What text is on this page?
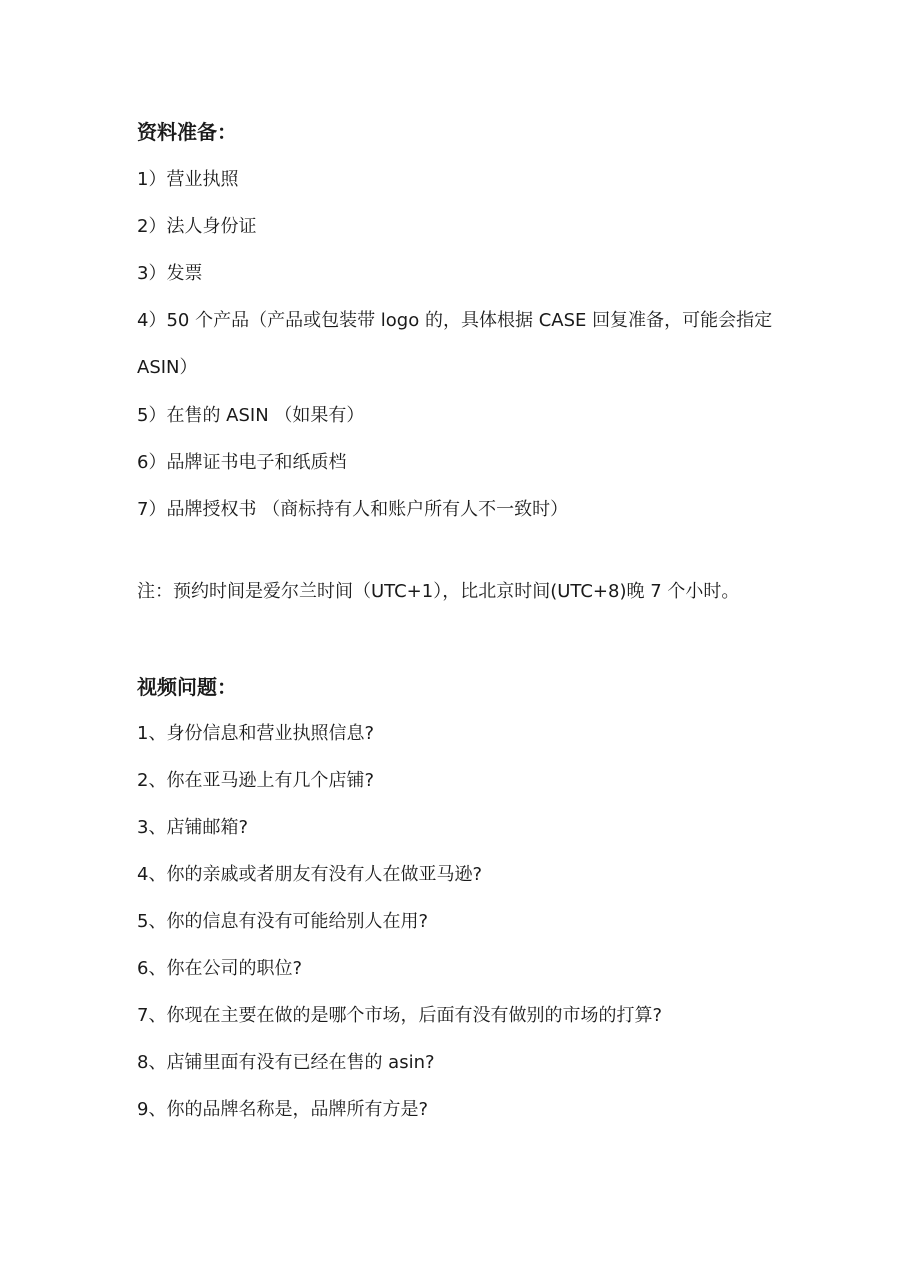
资料准备：
1）营业执照
2）法人身份证
3）发票
4）50 个产品（产品或包装带 logo 的，具体根据 CASE 回复准备，可能会指定
ASIN）
5）在售的 ASIN （如果有）
6）品牌证书电子和纸质档
7）品牌授权书 （商标持有人和账户所有人不一致时）
注：预约时间是爱尔兰时间（UTC+1），比北京时间(UTC+8)晚 7 个小时。
视频问题：
1、身份信息和营业执照信息?
2、你在亚马逊上有几个店铺?
3、店铺邮箱?
4、你的亲戚或者朋友有没有人在做亚马逊?
5、你的信息有没有可能给别人在用?
6、你在公司的职位?
7、你现在主要在做的是哪个市场，后面有没有做别的市场的打算?
8、店铺里面有没有已经在售的 asin?
9、你的品牌名称是，品牌所有方是?
